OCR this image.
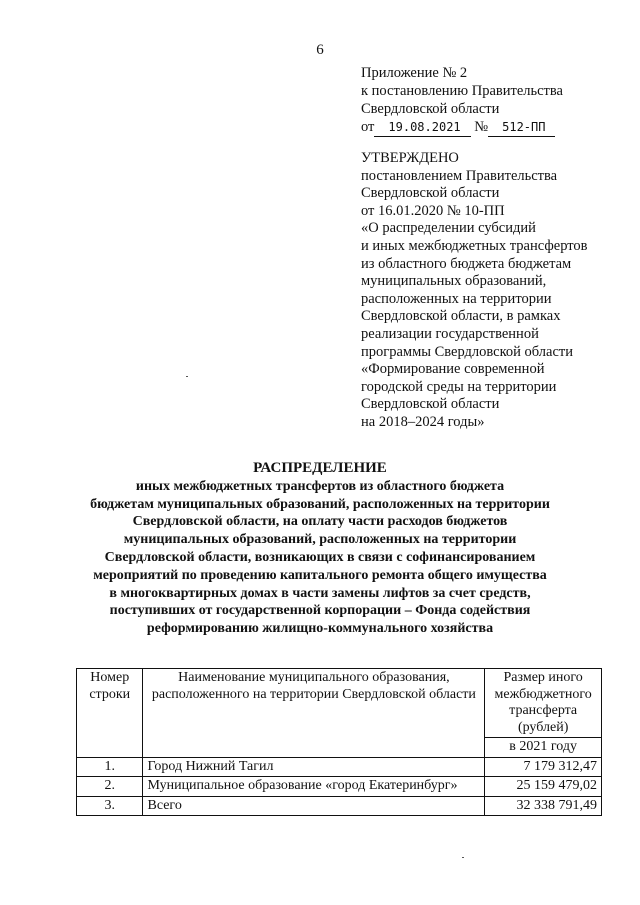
6
Приложение № 2
к постановлению Правительства
Свердловской области
от 19.08.2021 № 512-ПП
УТВЕРЖДЕНО
постановлением Правительства
Свердловской области
от 16.01.2020 № 10-ПП
«О распределении субсидий
и иных межбюджетных трансфертов
из областного бюджета бюджетам
муниципальных образований,
расположенных на территории
Свердловской области, в рамках
реализации государственной
программы Свердловской области
«Формирование современной
городской среды на территории
Свердловской области
на 2018–2024 годы»
РАСПРЕДЕЛЕНИЕ
иных межбюджетных трансфертов из областного бюджета
бюджетам муниципальных образований, расположенных на территории
Свердловской области, на оплату части расходов бюджетов
муниципальных образований, расположенных на территории
Свердловской области, возникающих в связи с софинансированием
мероприятий по проведению капитального ремонта общего имущества
в многоквартирных домах в части замены лифтов за счет средств,
поступивших от государственной корпорации – Фонда содействия
реформированию жилищно-коммунального хозяйства
Номер строки	Наименование муниципального образования, расположенного на территории Свердловской области	Размер иного межбюджетного трансферта (рублей)
		в 2021 году
1.	Город Нижний Тагил	7 179 312,47
2.	Муниципальное образование «город Екатеринбург»	25 159 479,02
3.	Всего	32 338 791,49
